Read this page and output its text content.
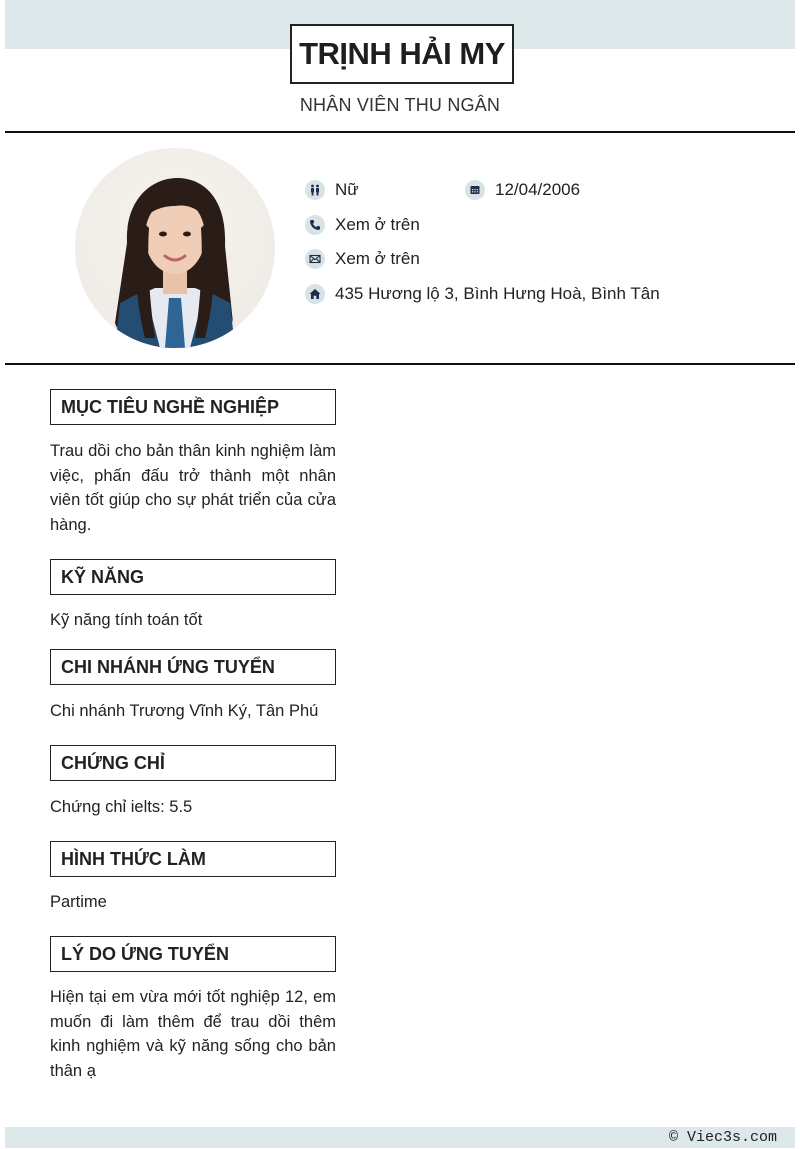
TRỊNH HẢI MY
NHÂN VIÊN THU NGÂN
Nữ	12/04/2006
Xem ở trên
Xem ở trên
435 Hương lộ 3, Bình Hưng Hoà, Bình Tân
MỤC TIÊU NGHỀ NGHIỆP
Trau dồi cho bản thân kinh nghiệm làm việc, phấn đấu trở thành một nhân viên tốt giúp cho sự phát triển của cửa hàng.
KỸ NĂNG
Kỹ năng tính toán tốt
CHI NHÁNH ỨNG TUYỂN
Chi nhánh Trương Vĩnh Ký, Tân Phú
CHỨNG CHỈ
Chứng chỉ ielts: 5.5
HÌNH THỨC LÀM
Partime
LÝ DO ỨNG TUYỂN
Hiện tại em vừa mới tốt nghiệp 12, em muốn đi làm thêm để trau dồi thêm kinh nghiệm và kỹ năng sống cho bản thân ạ
© Viec3s.com
